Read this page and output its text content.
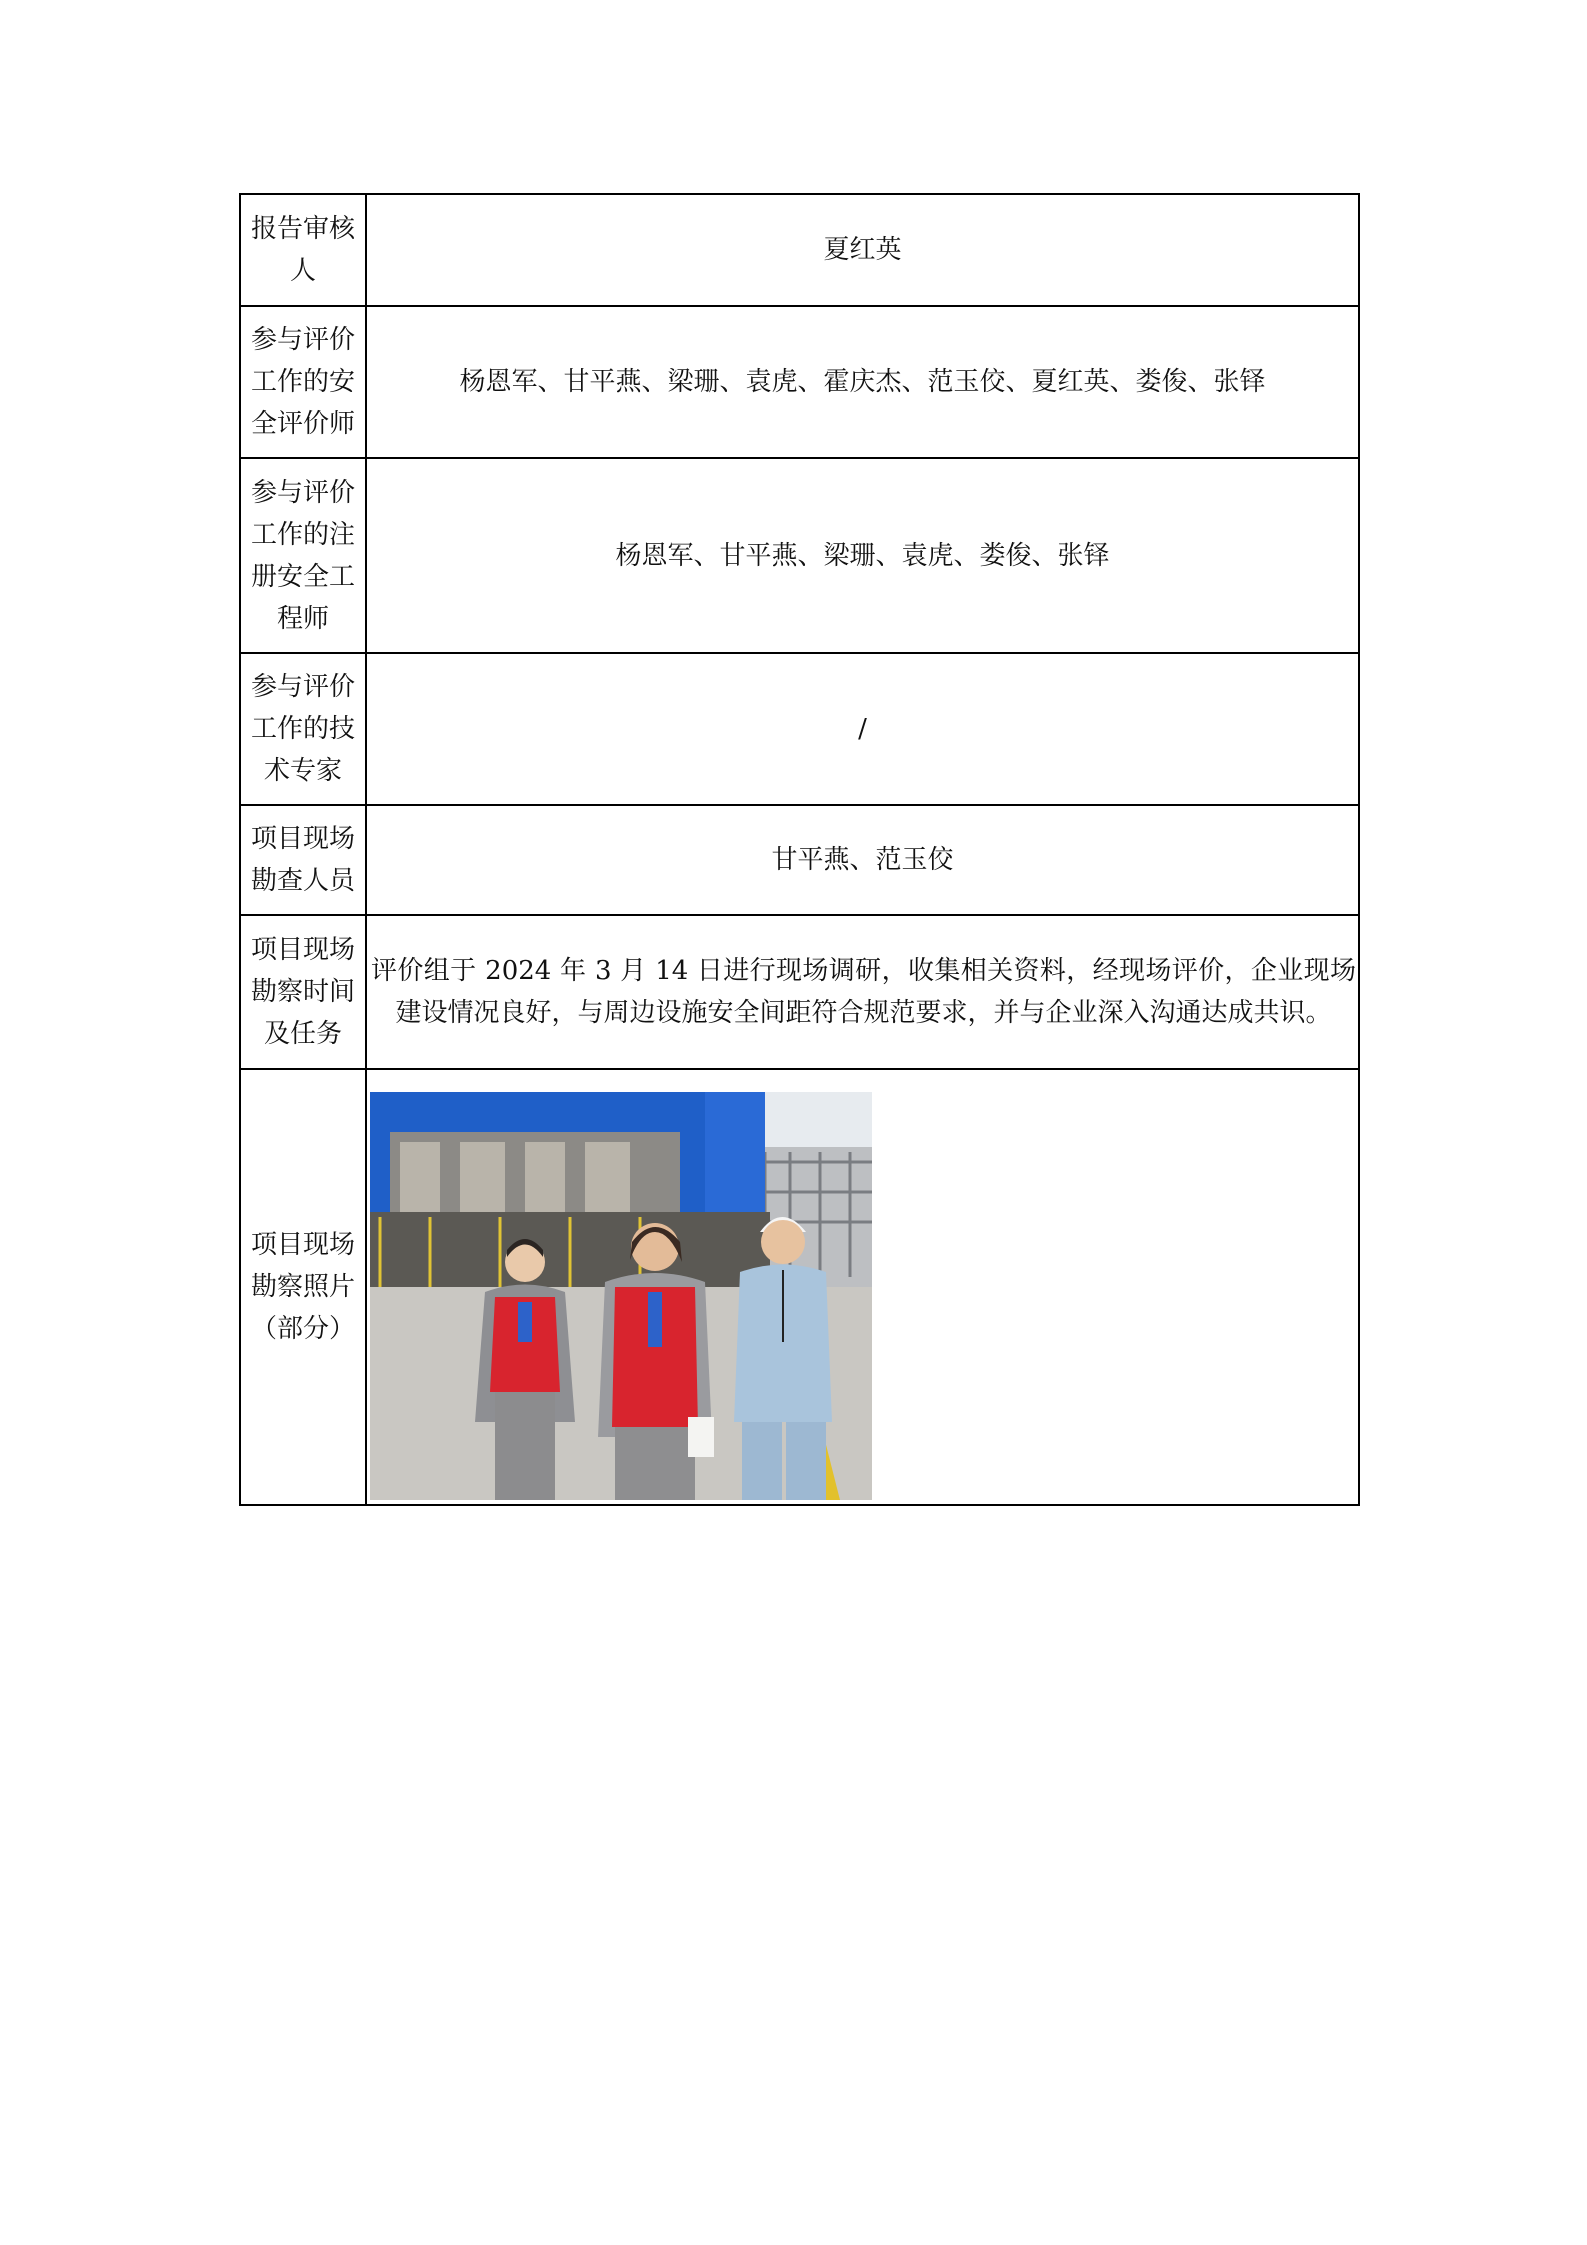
报告审核人	夏红英
参与评价工作的安全评价师	杨恩军、甘平燕、梁珊、袁虎、霍庆杰、范玉佼、夏红英、娄俊、张铎
参与评价工作的注册安全工程师	杨恩军、甘平燕、梁珊、袁虎、娄俊、张铎
参与评价工作的技术专家	/
项目现场勘查人员	甘平燕、范玉佼
项目现场勘察时间及任务	评价组于 2024 年 3 月 14 日进行现场调研，收集相关资料，经现场评价，企业现场建设情况良好，与周边设施安全间距符合规范要求，并与企业深入沟通达成共识。
项目现场勘察照片（部分）	
